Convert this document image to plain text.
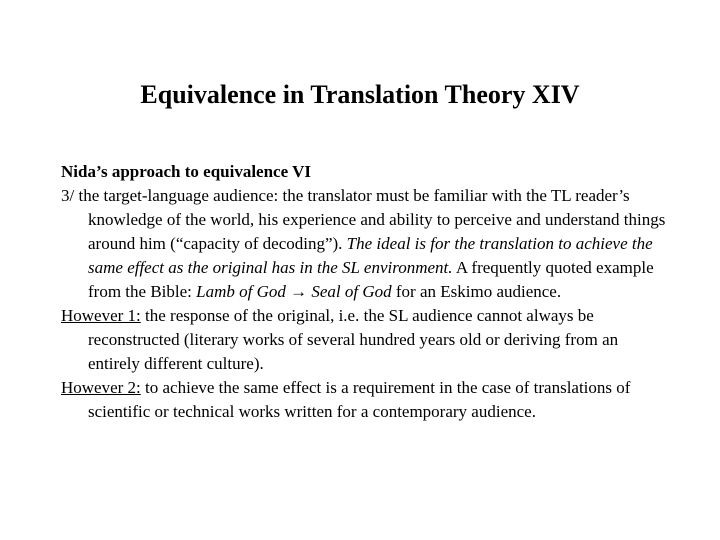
Equivalence in Translation Theory XIV

Nida’s approach to equivalence VI

3/ the target-language audience: the translator must be familiar with the TL reader’s knowledge of the world, his experience and ability to perceive and understand things around him (“capacity of decoding”). The ideal is for the translation to achieve the same effect as the original has in the SL environment. A frequently quoted example from the Bible: Lamb of God → Seal of God for an Eskimo audience.

However 1: the response of the original, i.e. the SL audience cannot always be reconstructed (literary works of several hundred years old or deriving from an entirely different culture).

However 2: to achieve the same effect is a requirement in the case of translations of scientific or technical works written for a contemporary audience.
